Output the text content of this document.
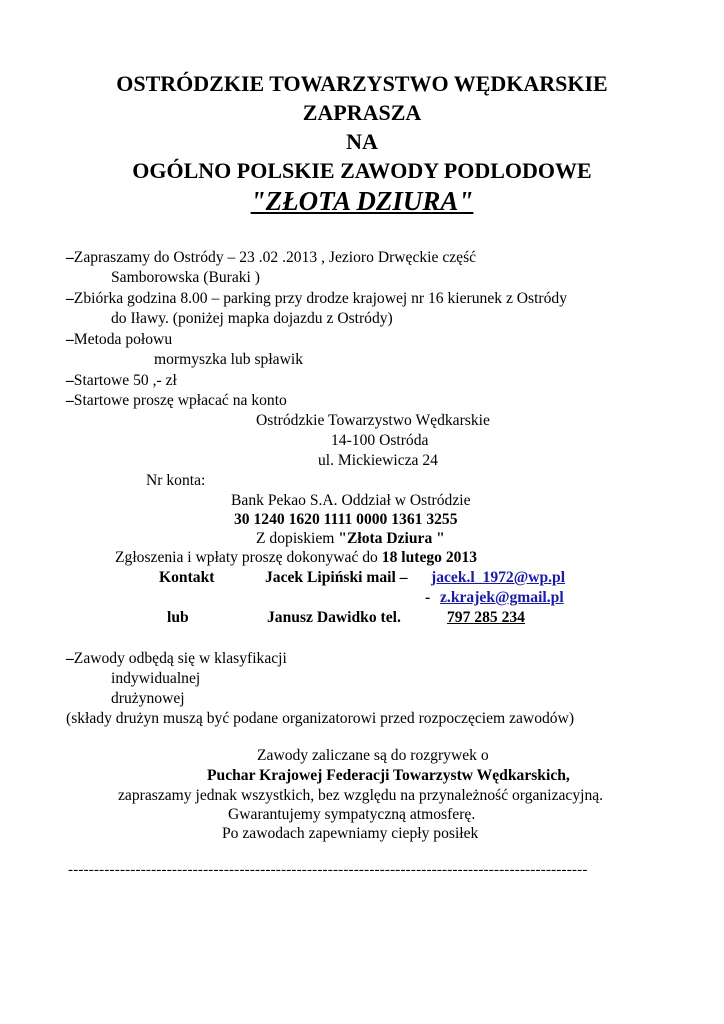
OSTRÓDZKIE TOWARZYSTWO WĘDKARSKIE
ZAPRASZA
NA
OGÓLNO POLSKIE ZAWODY PODLODOWE
"ZŁOTA DZIURA"
–Zapraszamy do Ostródy – 23 .02 .2013 , Jezioro Drwęckie część
Samborowska (Buraki )
–Zbiórka godzina 8.00 – parking przy drodze krajowej nr 16 kierunek z Ostródy
do Iławy. (poniżej mapka dojazdu z Ostródy)
–Metoda połowu
mormyszka lub spławik
–Startowe 50 ,- zł
–Startowe proszę wpłacać na konto
Ostródzkie Towarzystwo Wędkarskie
14-100 Ostróda
ul. Mickiewicza 24
Nr konta:
Bank Pekao S.A. Oddział w Ostródzie
30 1240 1620 1111 0000 1361 3255
Z dopiskiem "Złota Dziura "
Zgłoszenia i wpłaty proszę dokonywać do 18 lutego 2013
Kontakt	Jacek Lipiński mail – jacek.l_1972@wp.pl
- z.krajek@gmail.pl
lub	Janusz Dawidko tel.	797 285 234
–Zawody odbędą się w klasyfikacji
indywidualnej
drużynowej
(składy drużyn muszą być podane organizatorowi przed rozpoczęciem zawodów)
Zawody zaliczane są do rozgrywek o
Puchar Krajowej Federacji Towarzystw Wędkarskich,
zapraszamy jednak wszystkich, bez względu na przynależność organizacyjną.
Gwarantujemy sympatyczną atmosferę.
Po zawodach zapewniamy ciepły posiłek
----------------------------------------------------------------------------------------------------
